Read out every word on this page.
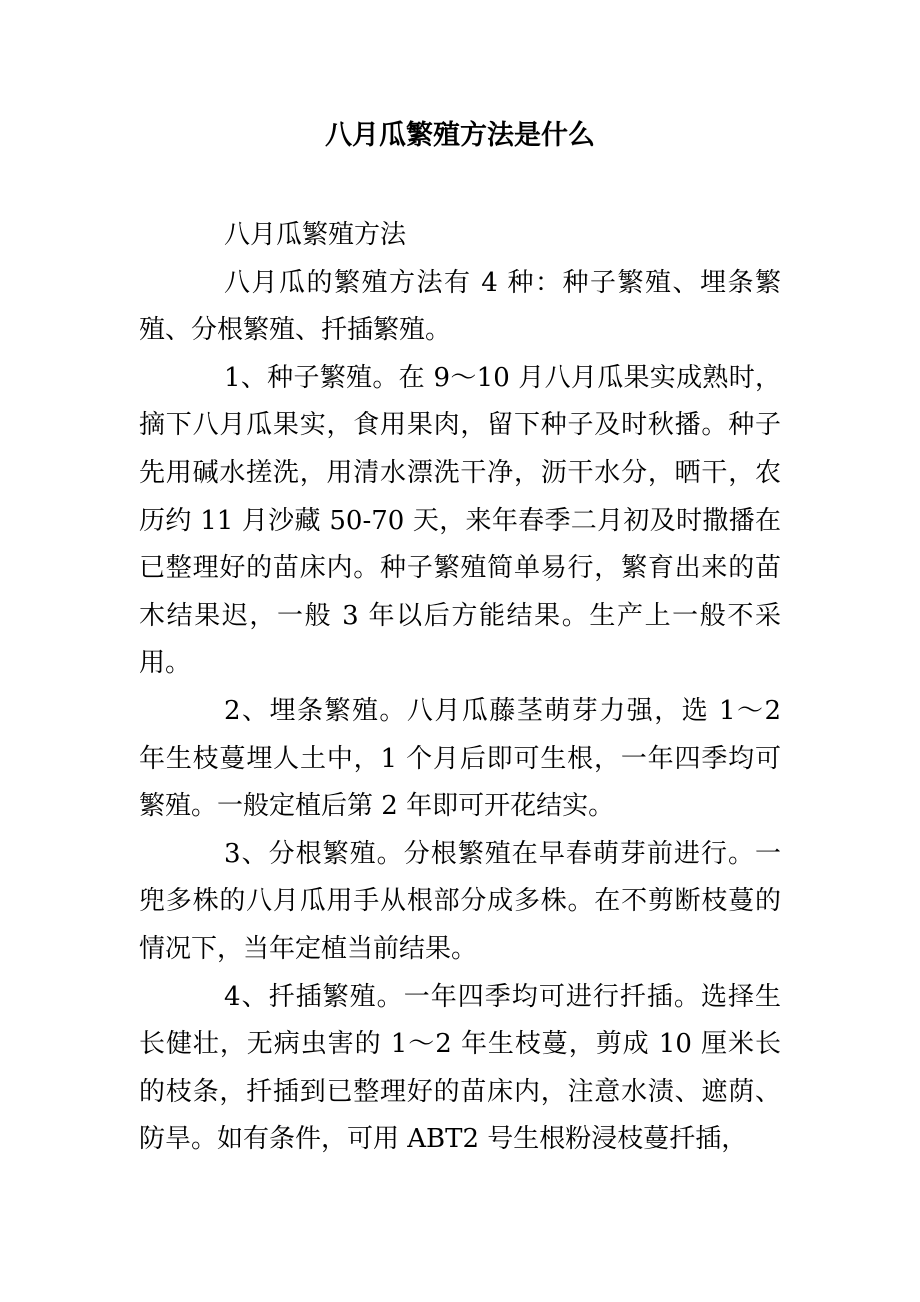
八月瓜繁殖方法是什么

八月瓜繁殖方法

八月瓜的繁殖方法有 4 种：种子繁殖、埋条繁殖、分根繁殖、扦插繁殖。

1、种子繁殖。在 9～10 月八月瓜果实成熟时，摘下八月瓜果实，食用果肉，留下种子及时秋播。种子先用碱水搓洗，用清水漂洗干净，沥干水分，晒干，农历约 11 月沙藏 50-70 天，来年春季二月初及时撒播在已整理好的苗床内。种子繁殖简单易行，繁育出来的苗木结果迟，一般 3 年以后方能结果。生产上一般不采用。

2、埋条繁殖。八月瓜藤茎萌芽力强，选 1～2 年生枝蔓埋人土中，1 个月后即可生根，一年四季均可繁殖。一般定植后第 2 年即可开花结实。

3、分根繁殖。分根繁殖在早春萌芽前进行。一兜多株的八月瓜用手从根部分成多株。在不剪断枝蔓的情况下，当年定植当前结果。

4、扦插繁殖。一年四季均可进行扦插。选择生长健壮，无病虫害的 1～2 年生枝蔓，剪成 10 厘米长的枝条，扦插到已整理好的苗床内，注意水渍、遮荫、防旱。如有条件，可用 ABT2 号生根粉浸枝蔓扦插，
